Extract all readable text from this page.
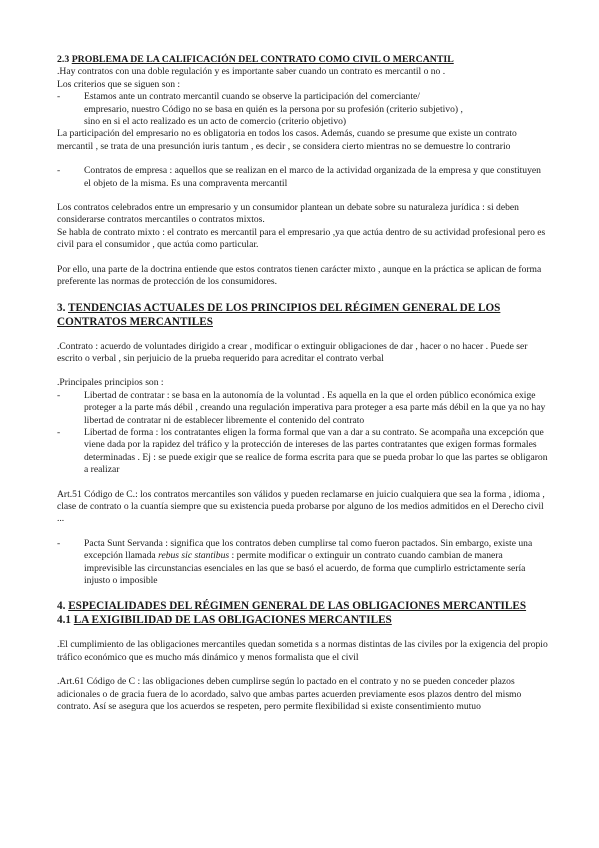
2.3 PROBLEMA DE LA CALIFICACIÓN DEL CONTRATO COMO CIVIL O MERCANTIL

.Hay contratos con una doble regulación y es importante saber cuando un contrato es mercantil o no .

Los criterios que se siguen son :

- Estamos ante un contrato mercantil cuando se observe la participación del comerciante/

empresario, nuestro Código no se basa en quién es la persona por su profesión (criterio subjetivo) ,

sino en si el acto realizado es un acto de comercio (criterio objetivo)

La participación del empresario no es obligatoria en todos los casos. Además, cuando se presume que existe un contrato mercantil , se trata de una presunción iuris tantum , es decir , se considera cierto mientras no se demuestre lo contrario

- Contratos de empresa : aquellos que se realizan en el marco de la actividad organizada de la empresa y que constituyen el objeto de la misma. Es una compraventa mercantil

Los contratos celebrados entre un empresario y un consumidor plantean un debate sobre su naturaleza jurídica : si deben considerarse contratos mercantiles o contratos mixtos.

Se habla de contrato mixto : el contrato es mercantil para el empresario ,ya que actúa dentro de su actividad profesional pero es civil para el consumidor , que actúa como particular.

Por ello, una parte de la doctrina entiende que estos contratos tienen carácter mixto , aunque en la práctica se aplican de forma preferente las normas de protección de los consumidores.

3. TENDENCIAS ACTUALES DE LOS PRINCIPIOS DEL RÉGIMEN GENERAL DE LOS

CONTRATOS MERCANTILES

.Contrato : acuerdo de voluntades dirigido a crear , modificar o extinguir obligaciones de dar , hacer o no hacer . Puede ser escrito o verbal , sin perjuicio de la prueba requerido para acreditar el contrato verbal

.Principales principios son :

- Libertad de contratar : se basa en la autonomía de la voluntad . Es aquella en la que el orden público económica exige proteger a la parte más débil , creando una regulación imperativa para proteger a esa parte más débil en la que ya no hay libertad de contratar ni de establecer libremente el contenido del contrato

- Libertad de forma : los contratantes eligen la forma formal que van a dar a su contrato. Se acompaña una excepción que viene dada por la rapidez del tráfico y la protección de intereses de las partes contratantes que exigen formas formales determinadas . Ej : se puede exigir que se realice de forma escrita para que se pueda probar lo que las partes se obligaron a realizar

Art.51 Código de C.: los contratos mercantiles son válidos y pueden reclamarse en juicio cualquiera que sea la forma , idioma , clase de contrato o la cuantía siempre que su existencia pueda probarse por alguno de los medios admitidos en el Derecho civil ...

- Pacta Sunt Servanda : significa que los contratos deben cumplirse tal como fueron pactados. Sin embargo, existe una excepción llamada rebus sic stantibus : permite modificar o extinguir un contrato cuando cambian de manera imprevisible las circunstancias esenciales en las que se basó el acuerdo, de forma que cumplirlo estrictamente sería injusto o imposible

4. ESPECIALIDADES DEL RÉGIMEN GENERAL DE LAS OBLIGACIONES MERCANTILES

4.1 LA EXIGIBILIDAD DE LAS OBLIGACIONES MERCANTILES

.El cumplimiento de las obligaciones mercantiles quedan sometida s a normas distintas de las civiles por la exigencia del propio tráfico económico que es mucho más dinámico y menos formalista que el civil

.Art.61 Código de C : las obligaciones deben cumplirse según lo pactado en el contrato y no se pueden conceder plazos adicionales o de gracia fuera de lo acordado, salvo que ambas partes acuerden previamente esos plazos dentro del mismo contrato. Así se asegura que los acuerdos se respeten, pero permite flexibilidad si existe consentimiento mutuo
